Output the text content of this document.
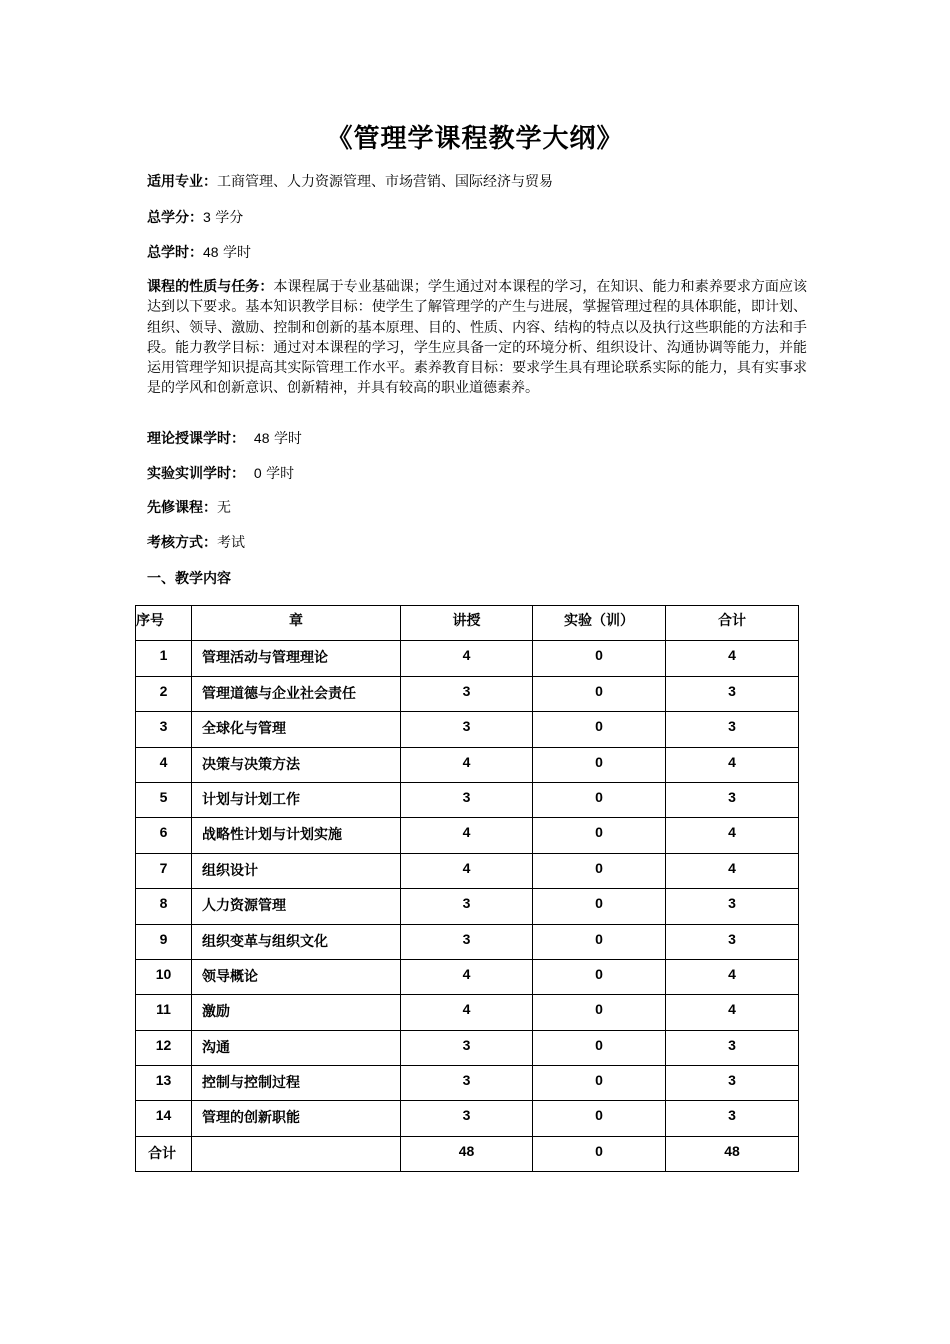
《管理学课程教学大纲》
适用专业：工商管理、人力资源管理、市场营销、国际经济与贸易
总学分：3 学分
总学时：48 学时
课程的性质与任务：本课程属于专业基础课；学生通过对本课程的学习，在知识、能力和素养要求方面应该达到以下要求。基本知识教学目标：使学生了解管理学的产生与进展，掌握管理过程的具体职能，即计划、组织、领导、激励、控制和创新的基本原理、目的、性质、内容、结构的特点以及执行这些职能的方法和手段。能力教学目标：通过对本课程的学习，学生应具备一定的环境分析、组织设计、沟通协调等能力，并能运用管理学知识提高其实际管理工作水平。素养教育目标：要求学生具有理论联系实际的能力，具有实事求是的学风和创新意识、创新精神，并具有较高的职业道德素养。
理论授课学时： 48 学时
实验实训学时： 0 学时
先修课程：无
考核方式：考试
一、教学内容
序号	章	讲授	实验（训）	合计
1	管理活动与管理理论	4	0	4
2	管理道德与企业社会责任	3	0	3
3	全球化与管理	3	0	3
4	决策与决策方法	4	0	4
5	计划与计划工作	3	0	3
6	战略性计划与计划实施	4	0	4
7	组织设计	4	0	4
8	人力资源管理	3	0	3
9	组织变革与组织文化	3	0	3
10	领导概论	4	0	4
11	激励	4	0	4
12	沟通	3	0	3
13	控制与控制过程	3	0	3
14	管理的创新职能	3	0	3
合计		48	0	48
